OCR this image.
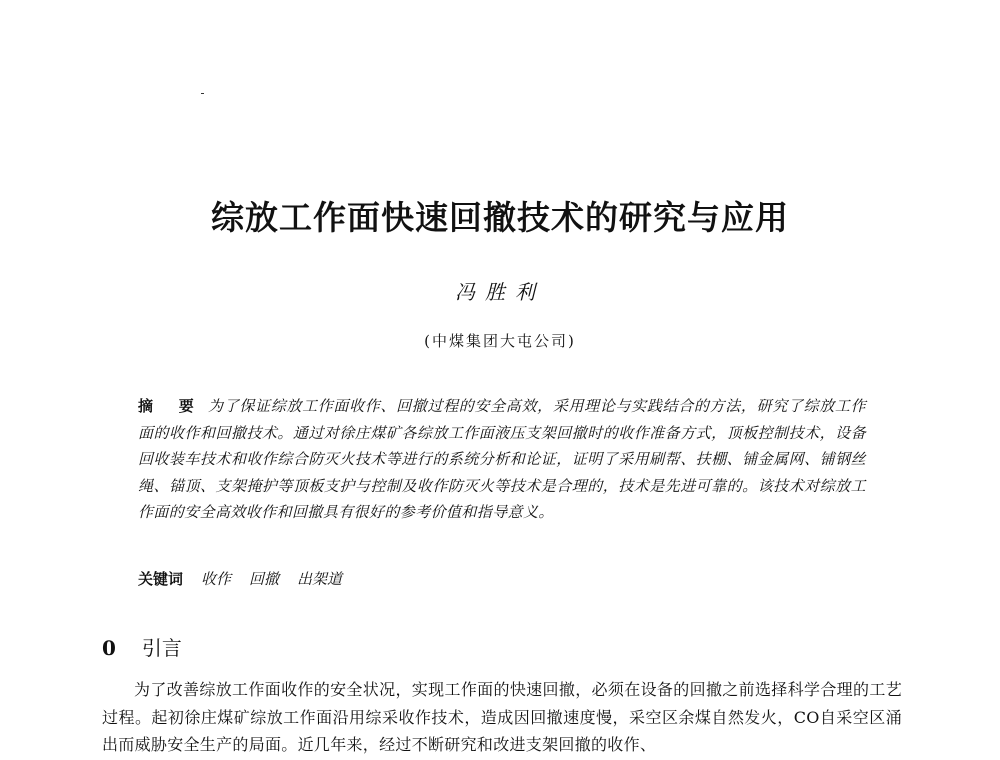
综放工作面快速回撤技术的研究与应用
冯胜利
(中煤集团大屯公司)
摘 要 为了保证综放工作面收作、回撤过程的安全高效，采用理论与实践结合的方法，研究了综放工作面的收作和回撤技术。通过对徐庄煤矿各综放工作面液压支架回撤时的收作准备方式，顶板控制技术，设备回收装车技术和收作综合防灭火技术等进行的系统分析和论证，证明了采用刷帮、扶棚、铺金属网、铺钢丝绳、锚顶、支架掩护等顶板支护与控制及收作防灭火等技术是合理的，技术是先进可靠的。该技术对综放工作面的安全高效收作和回撤具有很好的参考价值和指导意义。
关键词 收作 回撤 出架道
0 引言
为了改善综放工作面收作的安全状况，实现工作面的快速回撤，必须在设备的回撤之前选择科学合理的工艺过程。起初徐庄煤矿综放工作面沿用综采收作技术，造成因回撤速度慢，采空区余煤自然发火，CO自采空区涌出而威胁安全生产的局面。近几年来，经过不断研究和改进支架回撤的收作、
